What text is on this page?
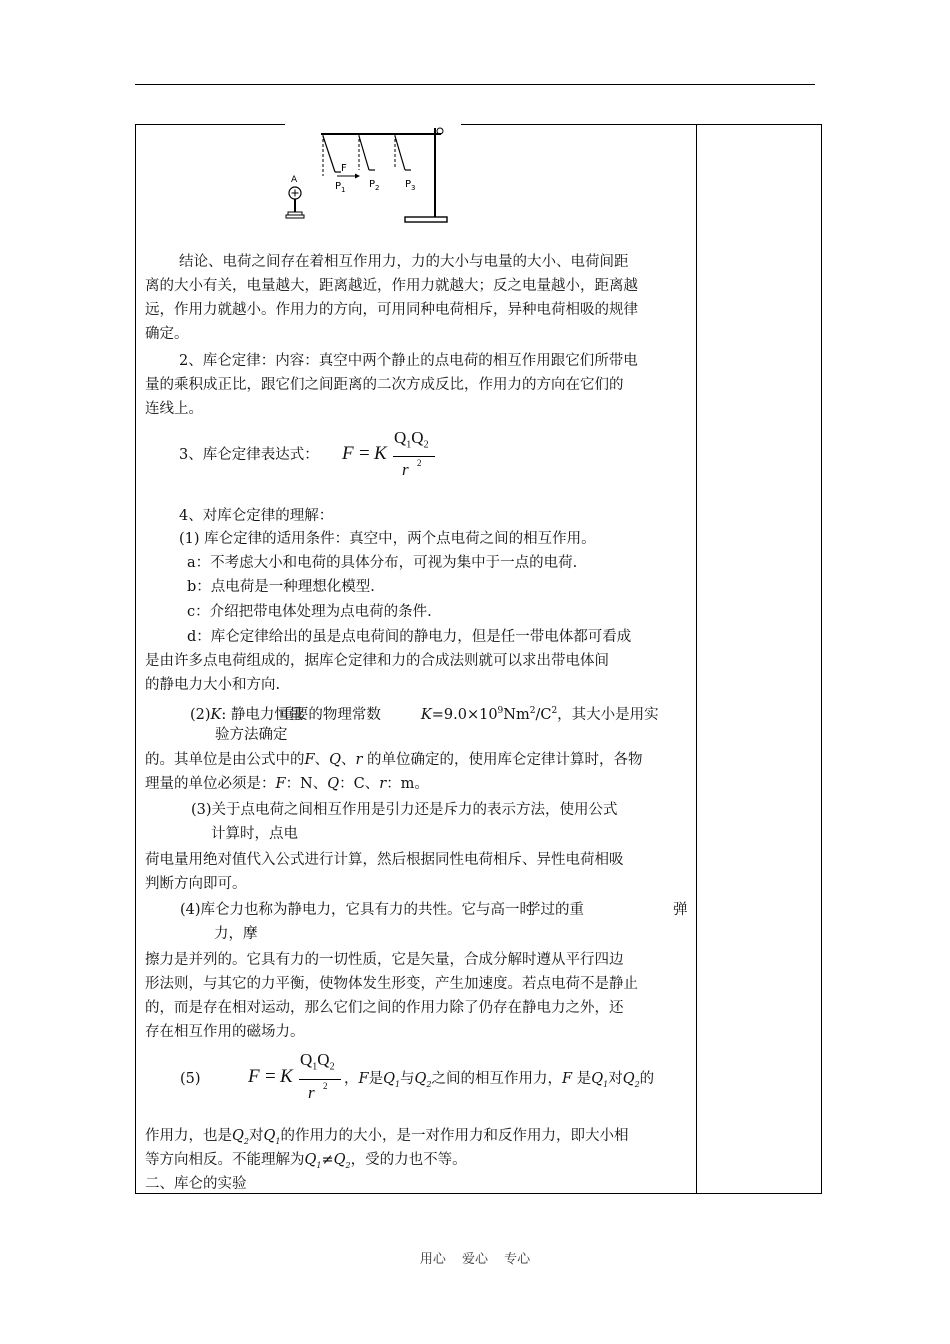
F
$P_1$ $P_2$	$P_3$
A
结论、电荷之间存在着相互作用力，力的大小与电量的大小、电荷间距
离的大小有关，电量越大，距离越近，作用力就越大；反之电量越小，距离越
远，作用力就越小。作用力的方向，可用同种电荷相斥，异种电荷相吸的规律
确定。
2、库仑定律：内容：真空中两个静止的点电荷的相互作用跟它们所带电
量的乘积成正比，跟它们之间距离的二次方成反比，作用力的方向在它们的
连线上。
3、库仑定律表达式： F = K
$Q_1Q_2$
r 2
4、对库仑定律的理解：
(1) 库仑定律的适用条件：真空中，两个点电荷之间的相互作用。
a：不考虑大小和电荷的具体分布，可视为集中于一点的电荷.
b：点电荷是一种理想化模型.
c：介绍把带电体处理为点电荷的条件.
d：库仑定律给出的虽是点电荷间的静电力，但是任一带电体都可看成
是由许多点电荷组成的，据库仑定律和力的合成法则就可以求出带电体间
的静电力大小和方向.
(2)K: 静电力恒量重要的物理常数	$K=9.0\times 10^9Nm^2/C^2$，其大小是用实
验方法确定
的。其单位是由公式中的F、Q、r 的单位确定的，使用库仑定律计算时，各物
理量的单位必须是：F：N、Q：C、r：m。
(3)关于点电荷之间相互作用是引力还是斥力的表示方法，使用公式
计算时，点电
荷电量用绝对值代入公式进行计算，然后根据同性电荷相斥、异性电荷相吸
判断方向即可。
(4)库仑力也称为静电力，它具有力的共性。它与高一时学过的重	弹
力，摩
擦力是并列的。它具有力的一切性质，它是矢量，合成分解时遵从平行四边
形法则，与其它的力平衡，使物体发生形变，产生加速度。若点电荷不是静止
的，而是存在相对运动，那么它们之间的作用力除了仍存在静电力之外，还
存在相互作用的磁场力。
(5) F = K
$Q_1Q_2$
r 2 ，F是$Q_1$与$Q_2$之间的相互作用力，F 是$Q_1$对$Q_2$的
作用力，也是$Q_2$对$Q_1$的作用力的大小，是一对作用力和反作用力，即大小相
等方向相反。不能理解为$Q_1\ne Q_2$，受的力也不等。
二、库仑的实验
用心 爱心 专心
